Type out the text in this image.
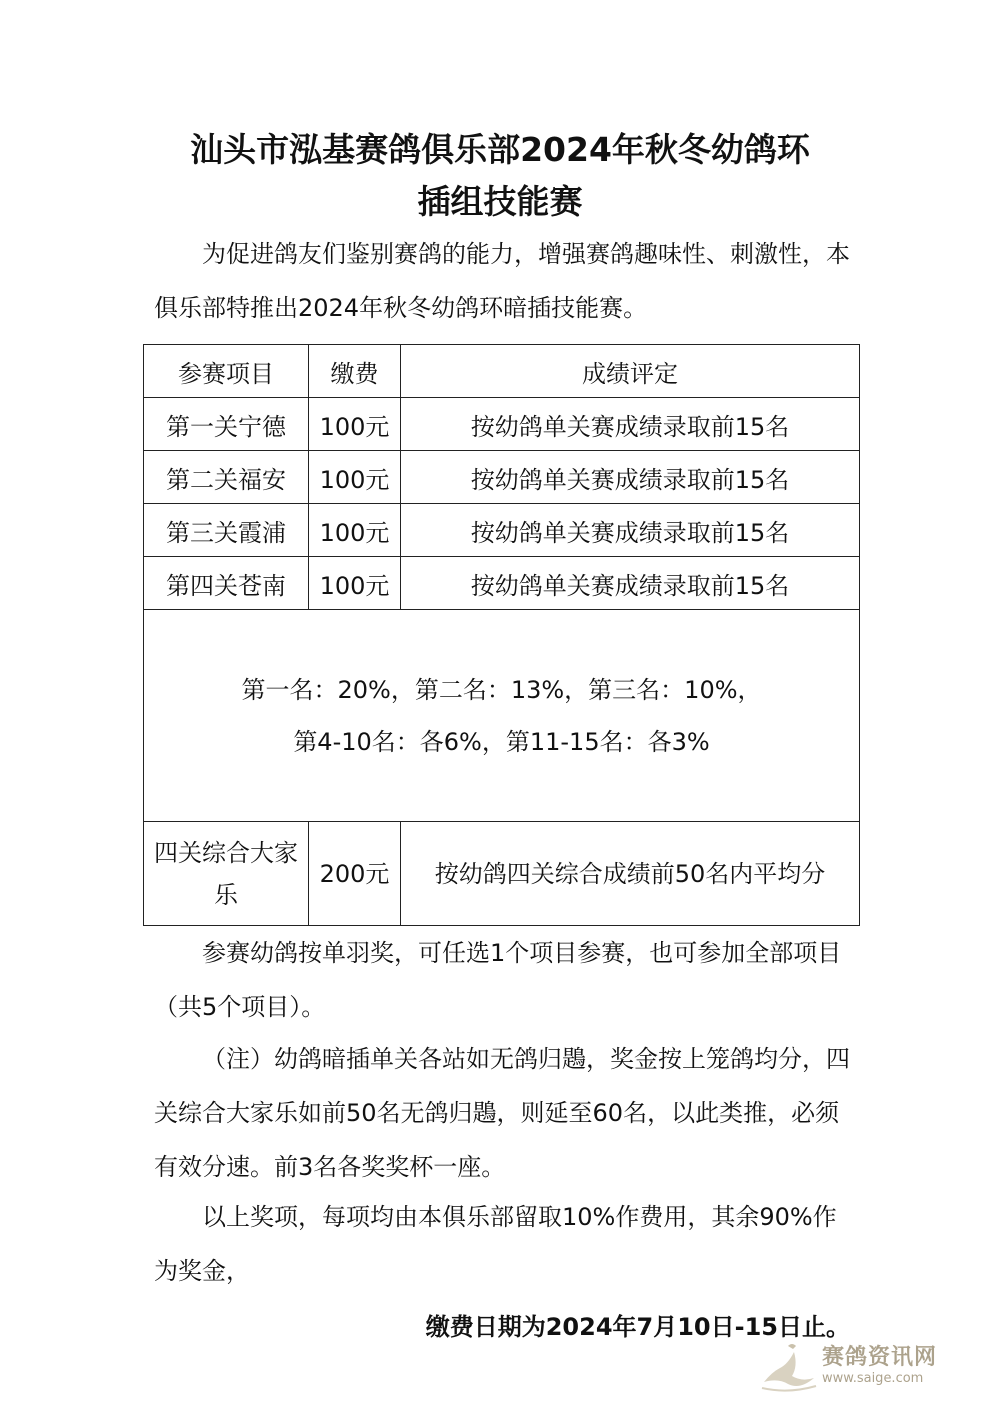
汕头市泓基赛鸽俱乐部2024年秋冬幼鸽环
插组技能赛

为促进鸽友们鉴别赛鸽的能力，增强赛鸽趣味性、刺激性，本俱乐部特推出2024年秋冬幼鸽环暗插技能赛。

参赛项目	缴费	成绩评定
第一关宁德	100元	按幼鸽单关赛成绩录取前15名
第二关福安	100元	按幼鸽单关赛成绩录取前15名
第三关霞浦	100元	按幼鸽单关赛成绩录取前15名
第四关苍南	100元	按幼鸽单关赛成绩录取前15名

第一名：20%，第二名：13%，第三名：10%，
第4-10名：各6%，第11-15名：各3%		

四关综合大家乐	200元	按幼鸽四关综合成绩前50名内平均分

参赛幼鸽按单羽奖，可任选1个项目参赛，也可参加全部项目（共5个项目）。

（注）幼鸽暗插单关各站如无鸽归鶗，奖金按上笼鸽均分，四关综合大家乐如前50名无鸽归鶗，则延至60名，以此类推，必须有效分速。前3名各奖奖杯一座。

以上奖项，每项均由本俱乐部留取10%作费用，其余90%作为奖金，

缴费日期为2024年7月10日-15日止。

赛鸽资讯网
www.saige.com
